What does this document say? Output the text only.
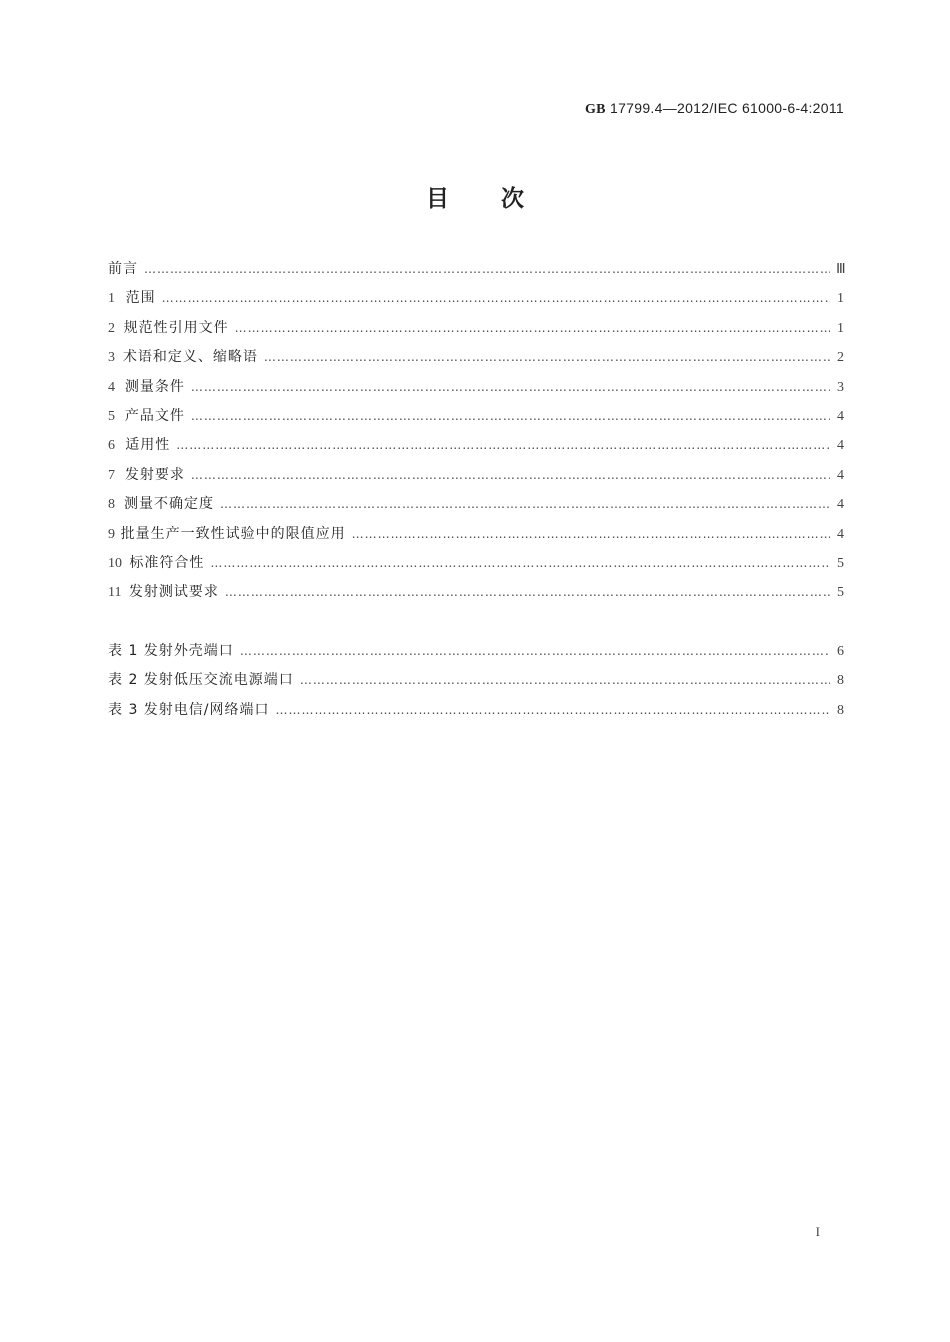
GB 17799.4—2012/IEC 61000-6-4:2011
目 次
前言 …………………………………………………………………………………………………………………………………………………………………………………………………………	Ⅲ
1 范围 …………………………………………………………………………………………………………………………………………………………………………………………………………	1
2 规范性引用文件 …………………………………………………………………………………………………………………………………………………………………………………………………………	1
3 术语和定义、缩略语 …………………………………………………………………………………………………………………………………………………………………………………………………………	2
4 测量条件 …………………………………………………………………………………………………………………………………………………………………………………………………………	3
5 产品文件 …………………………………………………………………………………………………………………………………………………………………………………………………………	4
6 适用性 …………………………………………………………………………………………………………………………………………………………………………………………………………	4
7 发射要求 …………………………………………………………………………………………………………………………………………………………………………………………………………	4
8 测量不确定度 …………………………………………………………………………………………………………………………………………………………………………………………………………	4
9 批量生产一致性试验中的限值应用 …………………………………………………………………………………………………………………………………………………………………………………………………………	4
10 标准符合性 …………………………………………………………………………………………………………………………………………………………………………………………………………	5
11 发射测试要求 …………………………………………………………………………………………………………………………………………………………………………………………………………	5
表 1 发射 外壳端口 …………………………………………………………………………………………………………………………………………………………………………………………………………	6
表 2 发射 低压交流电源端口 …………………………………………………………………………………………………………………………………………………………………………………………………………	8
表 3 发射 电信/网络端口 …………………………………………………………………………………………………………………………………………………………………………………………………………	8
I
